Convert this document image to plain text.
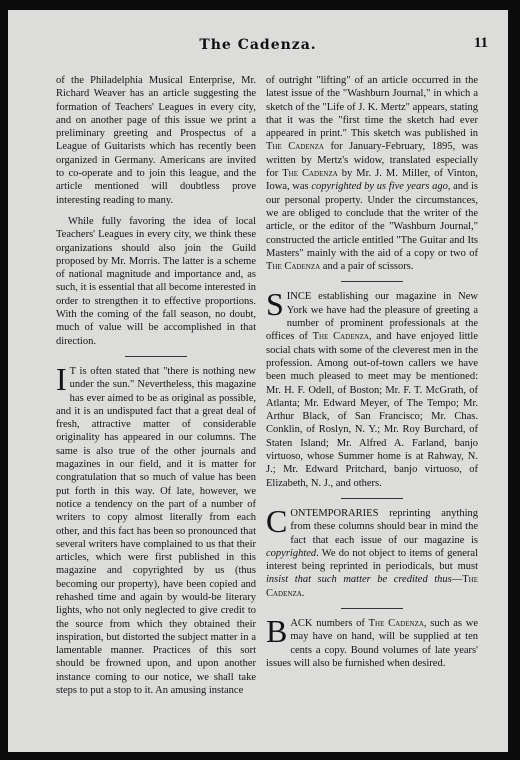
The Cadenza.	11

of the Philadelphia Musical Enterprise, Mr. Richard Weaver has an article suggesting the formation of Teachers' Leagues in every city, and on another page of this issue we print a preliminary greeting and Prospectus of a League of Guitarists which has recently been organized in Germany. Americans are invited to co-operate and to join this league, and the article mentioned will doubtless prove interesting reading to many.

While fully favoring the idea of local Teachers' Leagues in every city, we think these organizations should also join the Guild proposed by Mr. Morris. The latter is a scheme of national magnitude and importance and, as such, it is essential that all become interested in order to strengthen it to effective proportions. With the coming of the fall season, no doubt, much of value will be accomplished in that direction.

I T is often stated that "there is nothing new under the sun." Nevertheless, this magazine has ever aimed to be as original as possible, and it is an undisputed fact that a great deal of fresh, attractive matter of considerable originality has appeared in our columns. The same is also true of the other journals and magazines in our field, and it is matter for congratulation that so much of value has been put forth in this way. Of late, however, we notice a tendency on the part of a number of writers to copy almost literally from each other, and this fact has been so pronounced that several writers have complained to us that their articles, which were first published in this magazine and copyrighted by us (thus becoming our property), have been copied and rehashed time and again by would-be literary lights, who not only neglected to give credit to the source from which they obtained their inspiration, but distorted the subject matter in a lamentable manner. Practices of this sort should be frowned upon, and upon another instance coming to our notice, we shall take steps to put a stop to it. An amusing instance

of outright "lifting" of an article occurred in the latest issue of the "Washburn Journal," in which a sketch of the "Life of J. K. Mertz" appears, stating that it was the "first time the sketch had ever appeared in print." This sketch was published in The Cadenza for January-February, 1895, was written by Mertz's widow, translated especially for The Cadenza by Mr. J. M. Miller, of Vinton, Iowa, was copyrighted by us five years ago, and is our personal property. Under the circumstances, we are obliged to conclude that the writer of the article, or the editor of the "Washburn Journal," constructed the article entitled "The Guitar and Its Masters" mainly with the aid of a copy or two of The Cadenza and a pair of scissors.

SINCE establishing our magazine in New York we have had the pleasure of greeting a number of prominent professionals at the offices of The Cadenza, and have enjoyed little social chats with some of the cleverest men in the profession. Among out-of-town callers we have been much pleased to meet may be mentioned: Mr. H. F. Odell, of Boston; Mr. F. T. McGrath, of Atlanta; Mr. Edward Meyer, of The Tempo; Mr. Arthur Black, of San Francisco; Mr. Chas. Conklin, of Roslyn, N. Y.; Mr. Roy Burchard, of Staten Island; Mr. Alfred A. Farland, banjo virtuoso, whose Summer home is at Rahway, N. J.; Mr. Edward Pritchard, banjo virtuoso, of Elizabeth, N. J., and others.

CONTEMPORARIES reprinting anything from these columns should bear in mind the fact that each issue of our magazine is copyrighted. We do not object to items of general interest being reprinted in periodicals, but must insist that such matter be credited thus—The Cadenza.

BACK numbers of The Cadenza, such as we may have on hand, will be supplied at ten cents a copy. Bound volumes of late years' issues will also be furnished when desired.
